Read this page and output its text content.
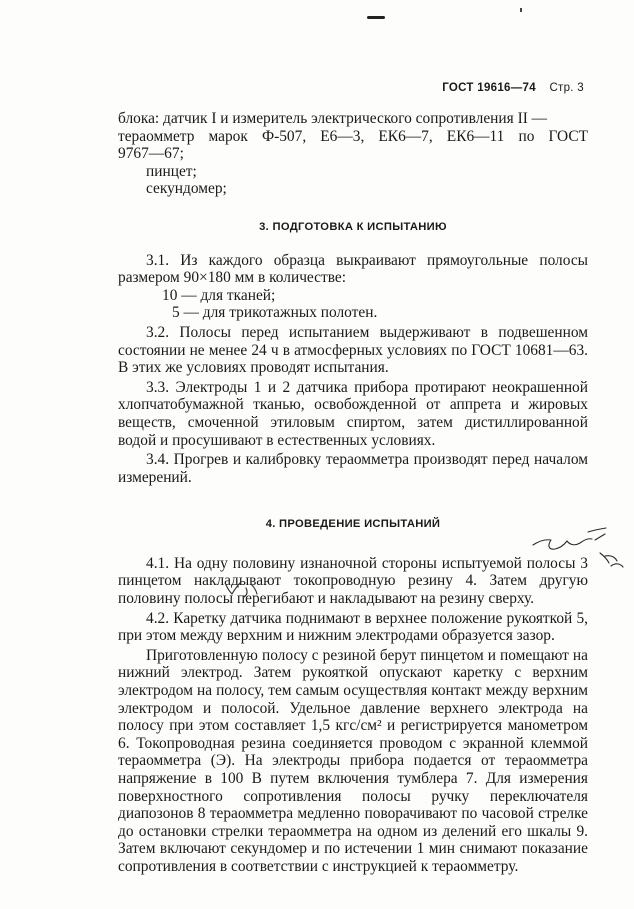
ГОСТ 19616—74 Стр. 3

блока: датчик I и измеритель электрического сопротивления II —

тераомметр марок Ф-507, Е6—3, ЕК6—7, ЕК6—11 по ГОСТ

9767—67;

пинцет;

секундомер;

3. ПОДГОТОВКА К ИСПЫТАНИЮ

3.1. Из каждого образца выкраивают прямоугольные полосы размером 90×180 мм в количестве:

10 — для тканей;

5 — для трикотажных полотен.

3.2. Полосы перед испытанием выдерживают в подвешенном состоянии не менее 24 ч в атмосферных условиях по ГОСТ 10681—63. В этих же условиях проводят испытания.

3.3. Электроды 1 и 2 датчика прибора протирают неокрашенной хлопчатобумажной тканью, освобожденной от аппрета и жировых веществ, смоченной этиловым спиртом, затем дистиллированной водой и просушивают в естественных условиях.

3.4. Прогрев и калибровку тераомметра производят перед началом измерений.

4. ПРОВЕДЕНИЕ ИСПЫТАНИЙ

4.1. На одну половину изнаночной стороны испытуемой полосы 3 пинцетом накладывают токопроводную резину 4. Затем другую половину полосы перегибают и накладывают на резину сверху.

4.2. Каретку датчика поднимают в верхнее положение рукояткой 5, при этом между верхним и нижним электродами образуется зазор.

Приготовленную полосу с резиной берут пинцетом и помещают на нижний электрод. Затем рукояткой опускают каретку с верхним электродом на полосу, тем самым осуществляя контакт между верхним электродом и полосой. Удельное давление верхнего электрода на полосу при этом составляет 1,5 кгс/см² и регистрируется манометром 6. Токопроводная резина соединяется проводом с экранной клеммой тераомметра (Э). На электроды прибора подается от тераомметра напряжение в 100 В путем включения тумблера 7. Для измерения поверхностного сопротивления полосы ручку переключателя диапозонов 8 тераомметра медленно поворачивают по часовой стрелке до остановки стрелки тераомметра на одном из делений его шкалы 9. Затем включают секундомер и по истечении 1 мин снимают показание сопротивления в соответствии с инструкцией к тераомметру.
